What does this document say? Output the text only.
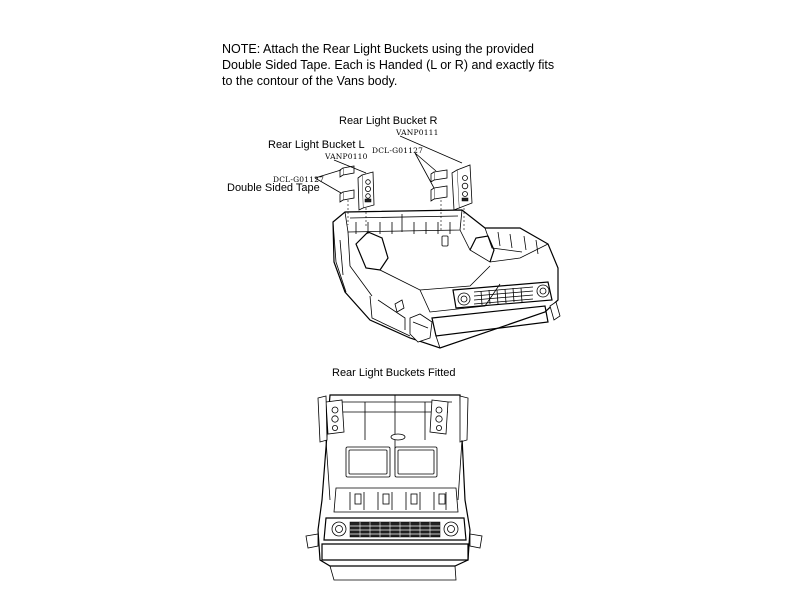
NOTE: Attach the Rear Light Buckets using the provided
Double Sided Tape. Each is Handed (L or R) and exactly fits
to the contour of the Vans body.
Rear Light Bucket R
VANP0111
DCL-G01127
Rear Light Bucket L
VANP0110
DCL-G01127
Double Sided Tape
Rear Light Buckets Fitted
